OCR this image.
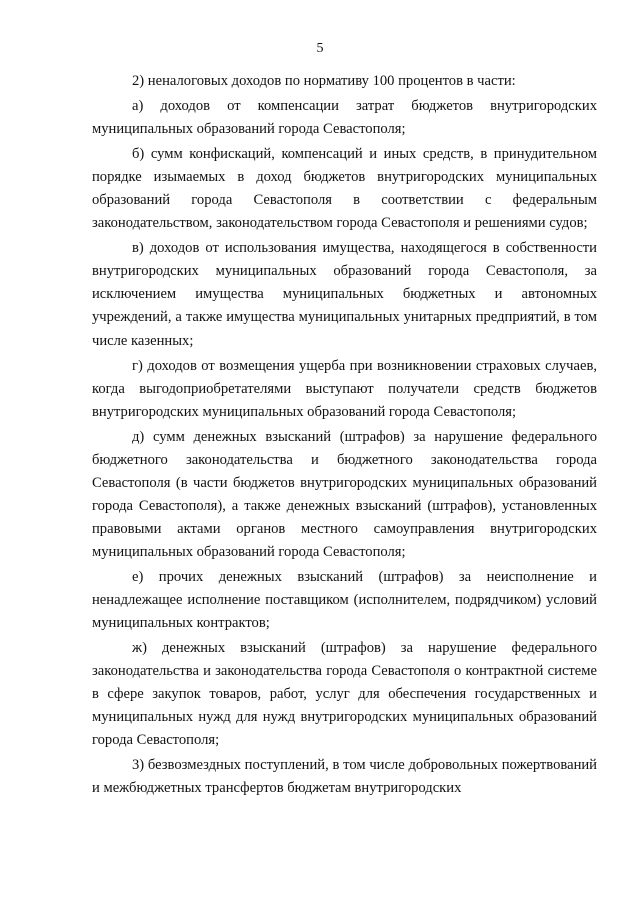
5

2) неналоговых доходов по нормативу 100 процентов в части:

а) доходов от компенсации затрат бюджетов внутригородских муниципальных образований города Севастополя;

б) сумм конфискаций, компенсаций и иных средств, в принудительном порядке изымаемых в доход бюджетов внутригородских муниципальных образований города Севастополя в соответствии с федеральным законодательством, законодательством города Севастополя и решениями судов;

в) доходов от использования имущества, находящегося в собственности внутригородских муниципальных образований города Севастополя, за исключением имущества муниципальных бюджетных и автономных учреждений, а также имущества муниципальных унитарных предприятий, в том числе казенных;

г) доходов от возмещения ущерба при возникновении страховых случаев, когда выгодоприобретателями выступают получатели средств бюджетов внутригородских муниципальных образований города Севастополя;

д) сумм денежных взысканий (штрафов) за нарушение федерального бюджетного законодательства и бюджетного законодательства города Севастополя (в части бюджетов внутригородских муниципальных образований города Севастополя), а также денежных взысканий (штрафов), установленных правовыми актами органов местного самоуправления внутригородских муниципальных образований города Севастополя;

е) прочих денежных взысканий (штрафов) за неисполнение и ненадлежащее исполнение поставщиком (исполнителем, подрядчиком) условий муниципальных контрактов;

ж) денежных взысканий (штрафов) за нарушение федерального законодательства и законодательства города Севастополя о контрактной системе в сфере закупок товаров, работ, услуг для обеспечения государственных и муниципальных нужд для нужд внутригородских муниципальных образований города Севастополя;

3) безвозмездных поступлений, в том числе добровольных пожертвований и межбюджетных трансфертов бюджетам внутригородских
